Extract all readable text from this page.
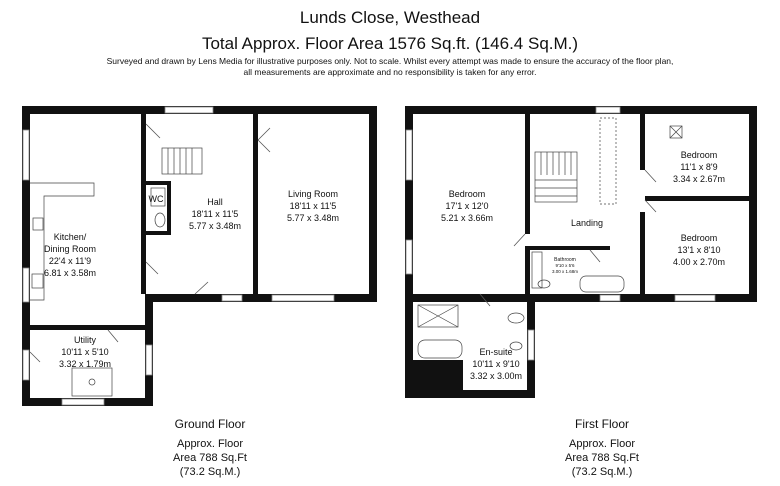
Lunds Close, Westhead
Total Approx. Floor Area 1576 Sq.ft. (146.4 Sq.M.)
Surveyed and drawn by Lens Media for illustrative purposes only. Not to scale. Whilst every attempt was made to ensure the accuracy of the floor plan,
all measurements are approximate and no responsibility is taken for any error.
Kitchen/
Dining Room
22'4 x 11'9
6.81 x 3.58m
WC	Hall
18'11 x 11'5
5.77 x 3.48m
Living Room
18'11 x 11'5
5.77 x 3.48m
Utility
10'11 x 5'10
3.32 x 1.79m
Bedroom
17'1 x 12'0
5.21 x 3.66m	Landing
Bedroom
11'1 x 8'9
3.34 x 2.67m
Bedroom
13'1 x 8'10
4.00 x 2.70m
Bathroom
9'10 x 5'6
3.00 x 1.68m
En-suite
10'11 x 9'10
3.32 x 3.00m
Ground Floor
Approx. Floor
Area 788 Sq.Ft
(73.2 Sq.M.)
First Floor
Approx. Floor
Area 788 Sq.Ft
(73.2 Sq.M.)
